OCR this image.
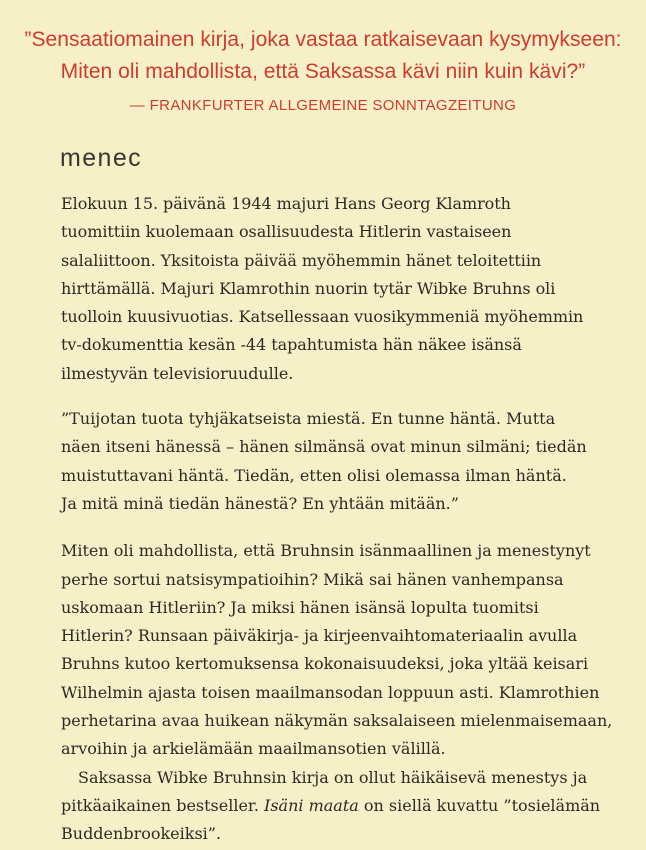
”Sensaatiomainen kirja, joka vastaa ratkaisevaan kysymykseen:
Miten oli mahdollista, että Saksassa kävi niin kuin kävi?”
— FRANKFURTER ALLGEMEINE SONNTAGZEITUNG
menec
Elokuun 15. päivänä 1944 majuri Hans Georg Klamroth
tuomittiin kuolemaan osallisuudesta Hitlerin vastaiseen
salaliittoon. Yksitoista päivää myöhemmin hänet teloitettiin
hirttämällä. Majuri Klamrothin nuorin tytär Wibke Bruhns oli
tuolloin kuusivuotias. Katsellessaan vuosikymmeniä myöhemmin
tv-dokumenttia kesän -44 tapahtumista hän näkee isänsä
ilmestyvän televisioruudulle.
”Tuijotan tuota tyhjäkatseista miestä. En tunne häntä. Mutta
näen itseni hänessä – hänen silmänsä ovat minun silmäni; tiedän
muistuttavani häntä. Tiedän, etten olisi olemassa ilman häntä.
Ja mitä minä tiedän hänestä? En yhtään mitään.”
Miten oli mahdollista, että Bruhnsin isänmaallinen ja menestynyt
perhe sortui natsisympatioihin? Mikä sai hänen vanhempansa
uskomaan Hitleriin? Ja miksi hänen isänsä lopulta tuomitsi
Hitlerin? Runsaan päiväkirja- ja kirjeenvaihtomateriaalin avulla
Bruhns kutoo kertomuksensa kokonaisuudeksi, joka yltää keisari
Wilhelmin ajasta toisen maailmansodan loppuun asti. Klamrothien
perhetarina avaa huikean näkymän saksalaiseen mielenmaisemaan,
arvoihin ja arkielämään maailmansotien välillä.
Saksassa Wibke Bruhnsin kirja on ollut häikäisevä menestys ja
pitkäaikainen bestseller. Isäni maata on siellä kuvattu ”tosielämän
Buddenbrookeiksi”.
